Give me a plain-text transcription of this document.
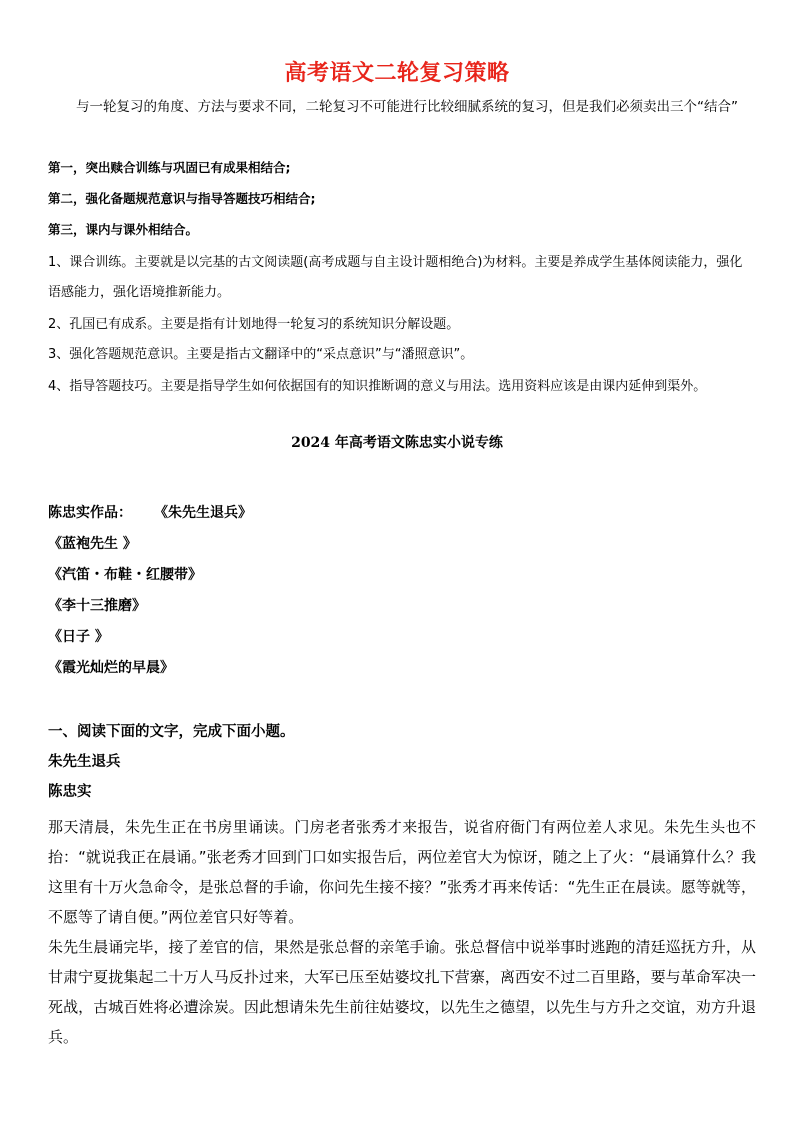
高考语文二轮复习策略
与一轮复习的角度、方法与要求不同，二轮复习不可能进行比较细腻系统的复习，但是我们必须卖出三个“结合”
第一，突出赎合训练与巩固已有成果相结合;
第二，强化备题规范意识与指导答题技巧相结合;
第三，课内与课外相结合。
1、课合训练。主要就是以完基的古文阅读题(高考成题与自主设计题相绝合)为材料。主要是养成学生基体阅读能力，强化语感能力，强化语境推新能力。
2、孔国已有成系。主要是指有计划地得一轮复习的系统知识分解设题。
3、强化答题规范意识。主要是指古文翻译中的“采点意识”与“潘照意识”。
4、指导答题技巧。主要是指导学生如何依据国有的知识推断调的意义与用法。选用资料应该是由课内延伸到渠外。
2024 年高考语文陈忠实小说专练
陈忠实作品： 《朱先生退兵》
《蓝袍先生 》
《汽笛・布鞋・红腰带》
《李十三推磨》
《日子 》
《霞光灿烂的早晨》
一、阅读下面的文字，完成下面小题。
朱先生退兵
陈忠实

那天清晨，朱先生正在书房里诵读。门房老者张秀才来报告，说省府衙门有两位差人求见。朱先生头也不抬：“就说我正在晨诵。”张老秀才回到门口如实报告后，两位差官大为惊讶，随之上了火：“晨诵算什么？我这里有十万火急命令，是张总督的手谕，你问先生接不接？”张秀才再来传话：“先生正在晨读。愿等就等，不愿等了请自便。”两位差官只好等着。

朱先生晨诵完毕，接了差官的信，果然是张总督的亲笔手谕。张总督信中说举事时逃跑的清廷巡抚方升，从甘肃宁夏拢集起二十万人马反扑过来，大军已压至姑婆坟扎下营寨，离西安不过二百里路，要与革命军决一死战，古城百姓将必遭涂炭。因此想请朱先生前往姑婆坟，以先生之德望，以先生与方升之交谊，劝方升退兵。
